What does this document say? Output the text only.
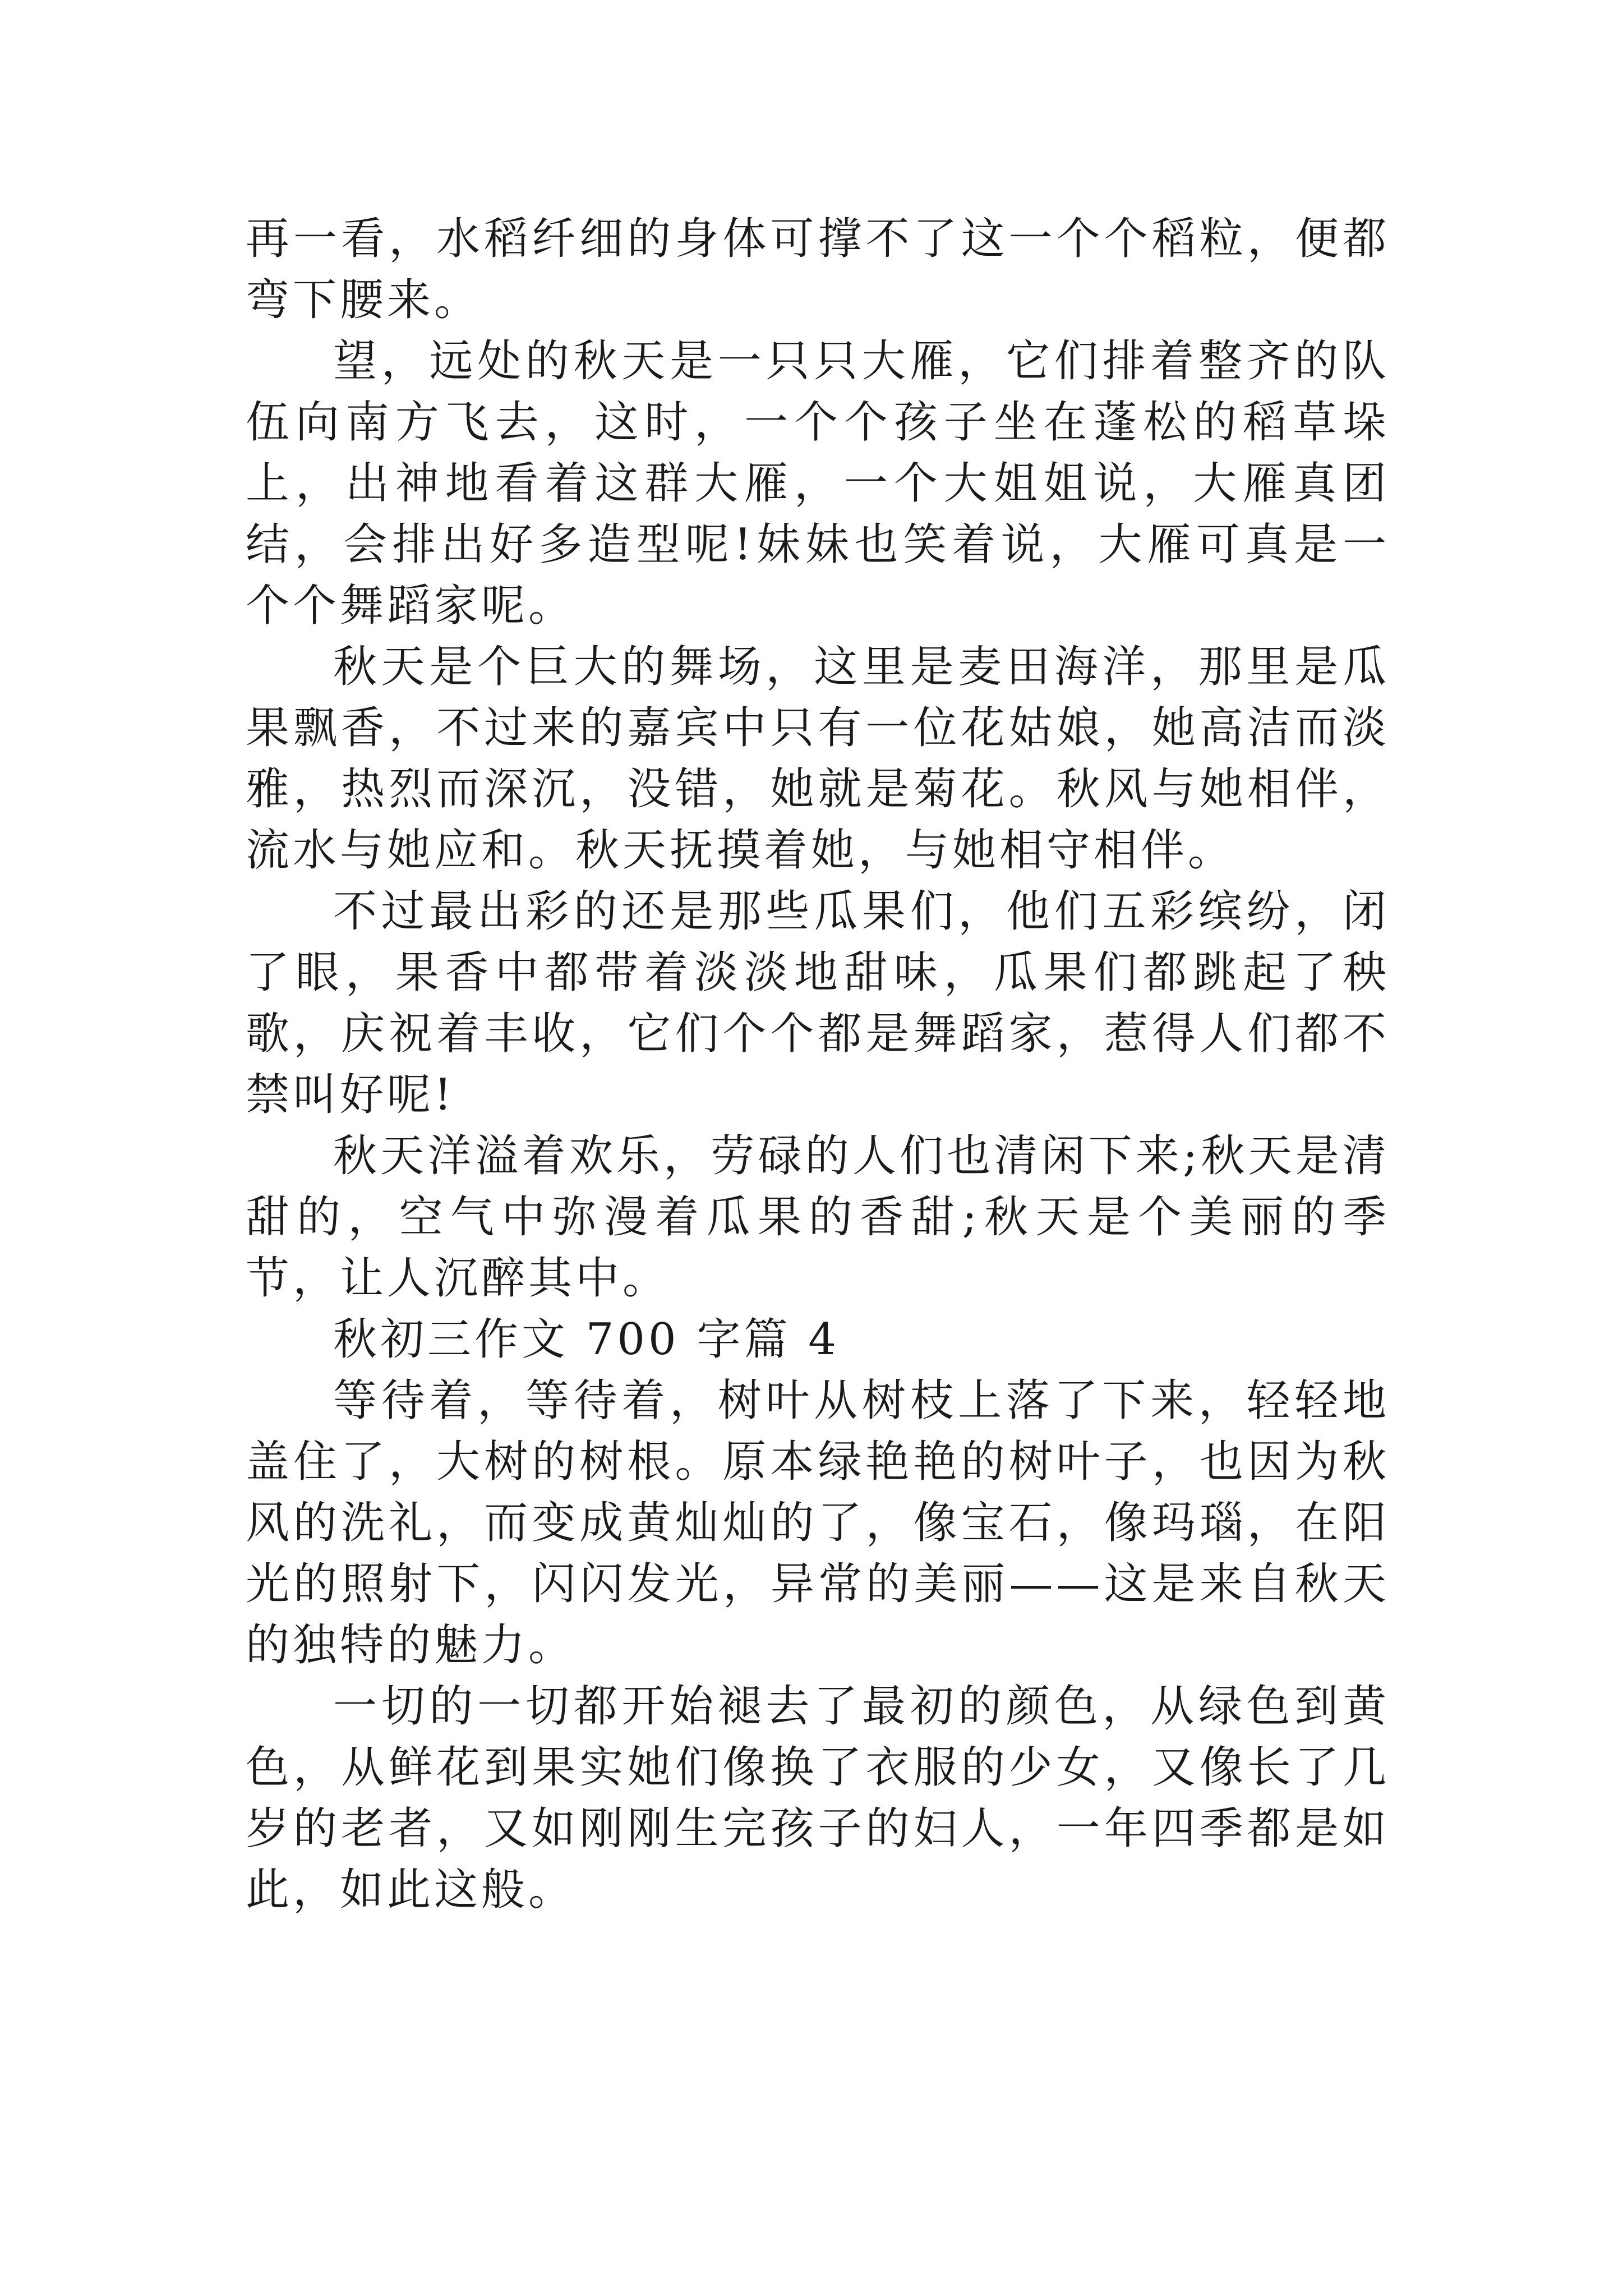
再一看，水稻纤细的身体可撑不了这一个个稻粒，便都弯下腰来。

望，远处的秋天是一只只大雁，它们排着整齐的队伍向南方飞去，这时，一个个孩子坐在蓬松的稻草垛上，出神地看着这群大雁，一个大姐姐说，大雁真团结，会排出好多造型呢!妹妹也笑着说，大雁可真是一个个舞蹈家呢。

秋天是个巨大的舞场，这里是麦田海洋，那里是瓜果飘香，不过来的嘉宾中只有一位花姑娘，她高洁而淡雅，热烈而深沉，没错，她就是菊花。秋风与她相伴，流水与她应和。秋天抚摸着她，与她相守相伴。

不过最出彩的还是那些瓜果们，他们五彩缤纷，闭了眼，果香中都带着淡淡地甜味，瓜果们都跳起了秧歌，庆祝着丰收，它们个个都是舞蹈家，惹得人们都不禁叫好呢!

秋天洋溢着欢乐，劳碌的人们也清闲下来;秋天是清甜的，空气中弥漫着瓜果的香甜;秋天是个美丽的季节，让人沉醉其中。

秋初三作文 700 字篇 4

等待着，等待着，树叶从树枝上落了下来，轻轻地盖住了，大树的树根。原本绿艳艳的树叶子，也因为秋风的洗礼，而变成黄灿灿的了，像宝石，像玛瑙，在阳光的照射下，闪闪发光，异常的美丽——这是来自秋天的独特的魅力。

一切的一切都开始褪去了最初的颜色，从绿色到黄色，从鲜花到果实她们像换了衣服的少女，又像长了几岁的老者，又如刚刚生完孩子的妇人，一年四季都是如此，如此这般。
